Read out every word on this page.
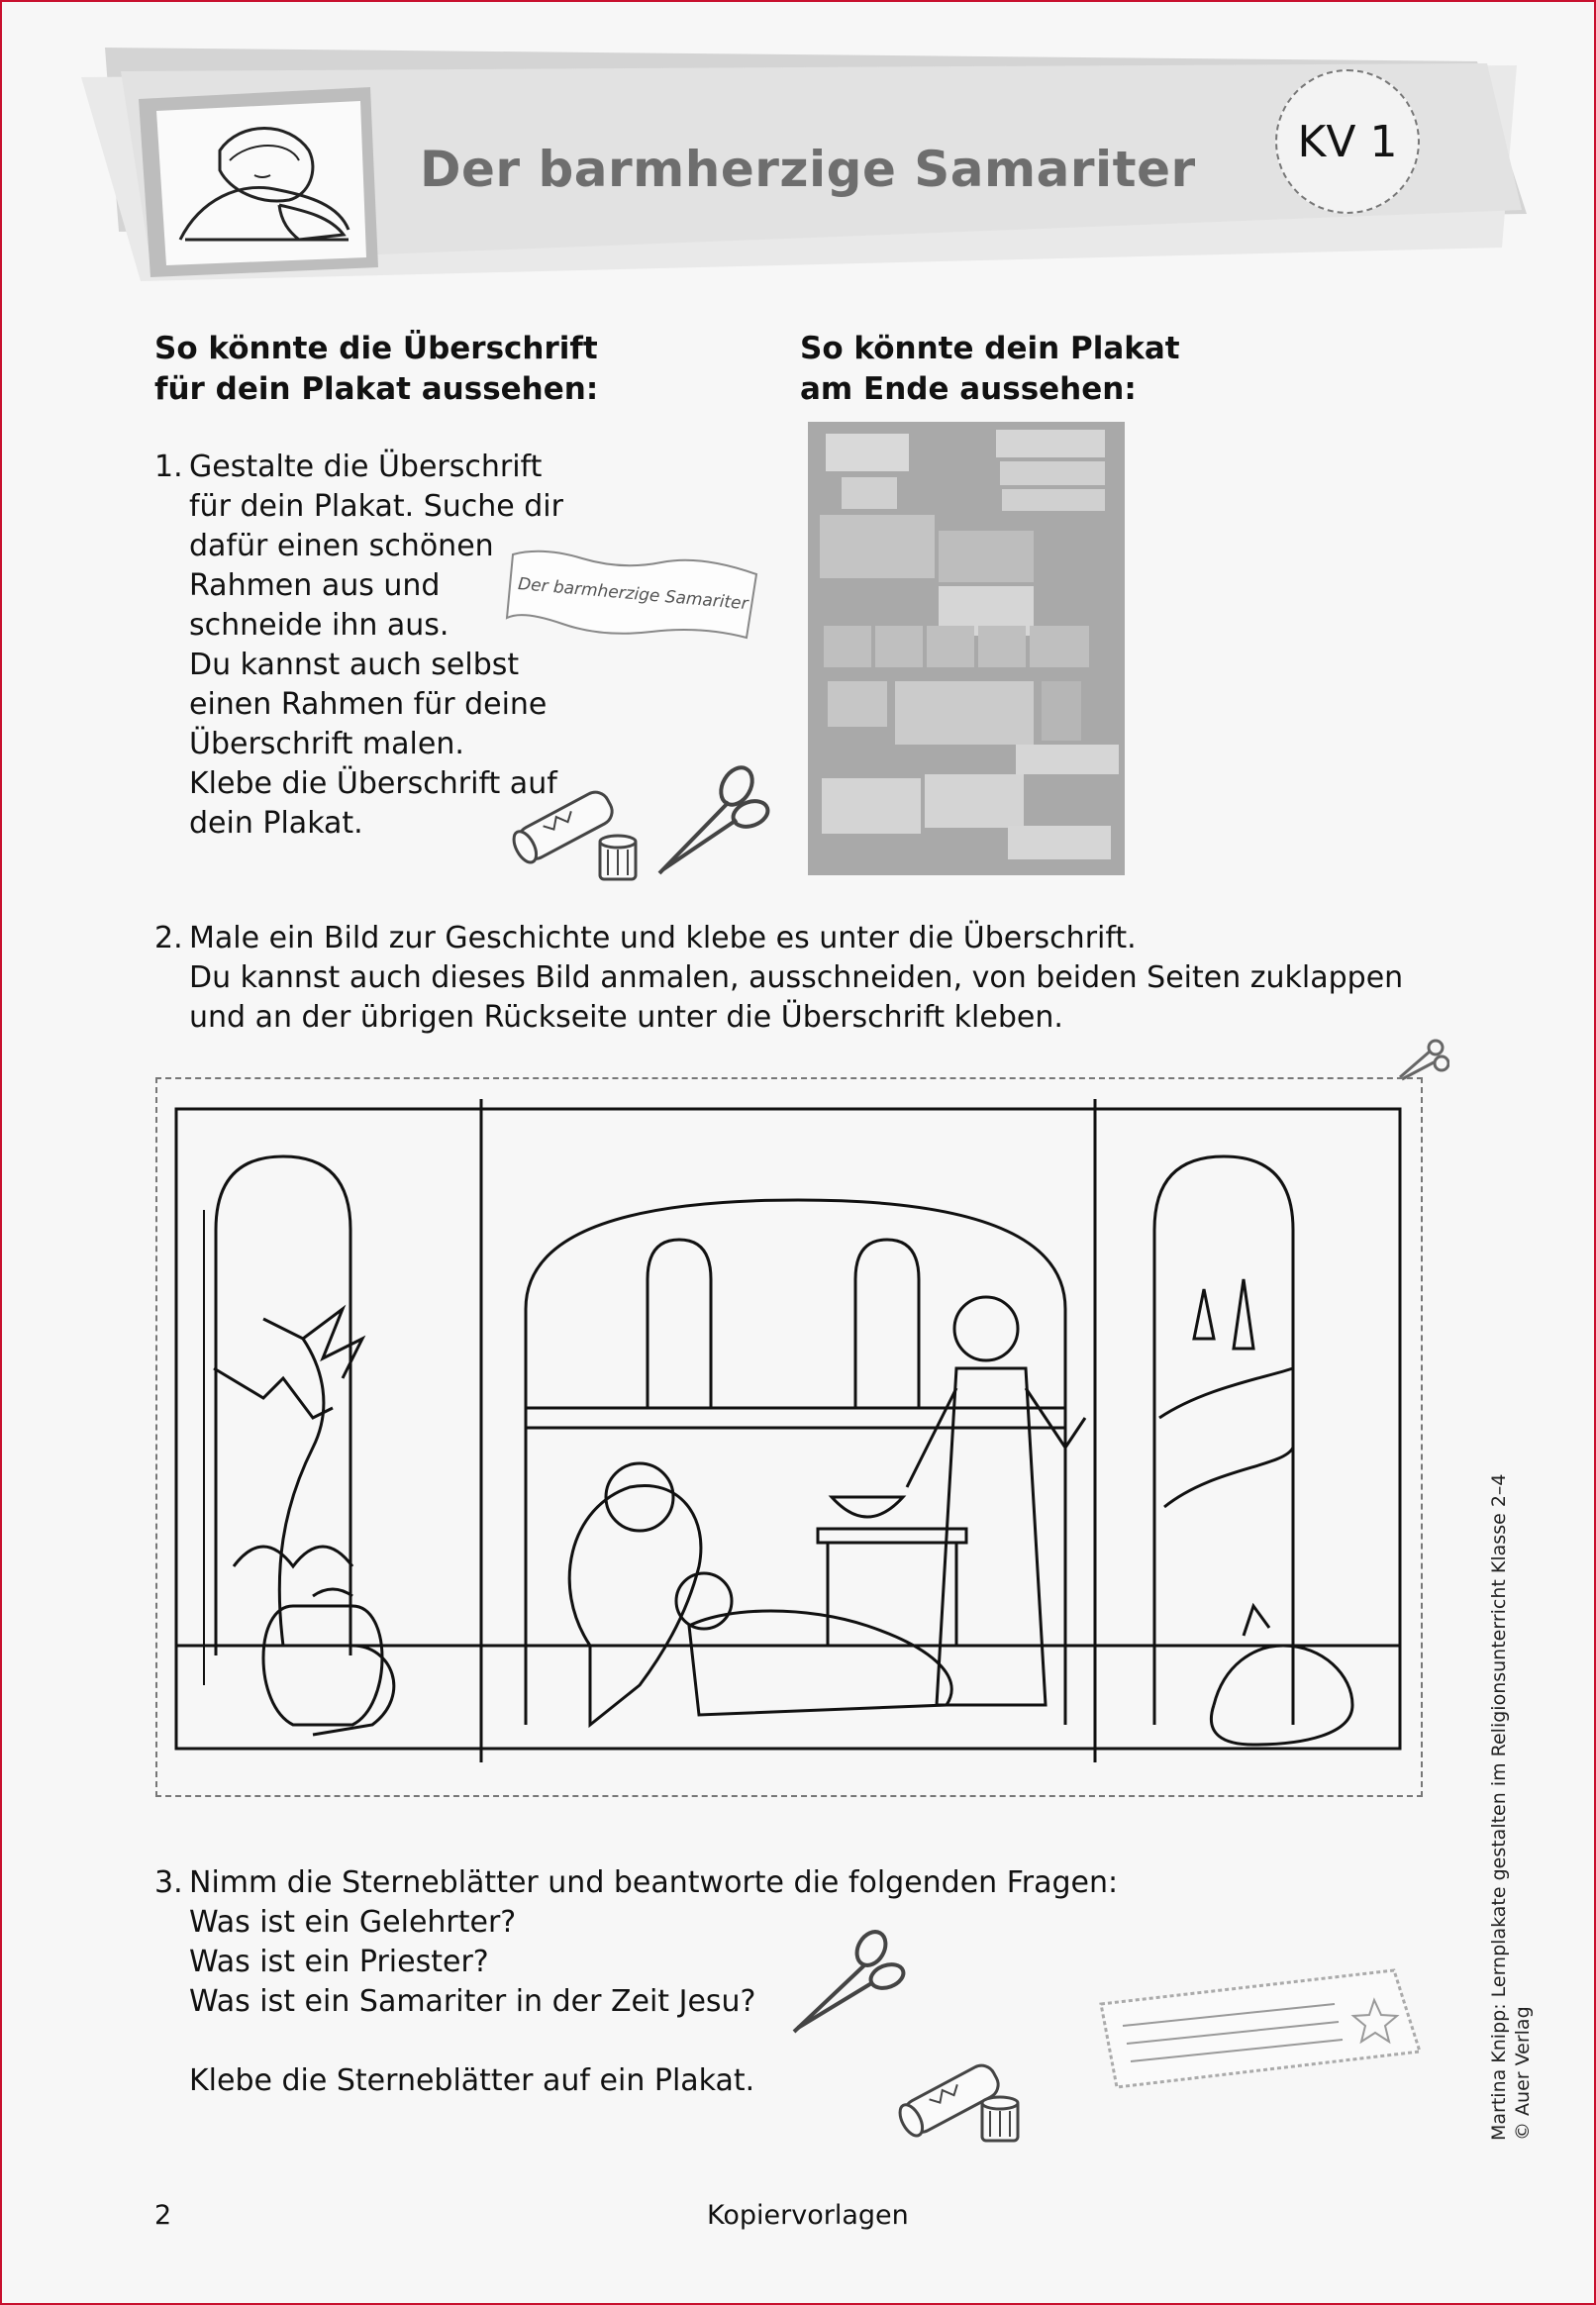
Der barmherzige Samariter	KV 1
So könnte die Überschrift
für dein Plakat aussehen:
So könnte dein Plakat
am Ende aussehen:
1. Gestalte die Überschrift
für dein Plakat. Suche dir
dafür einen schönen
Rahmen aus und
schneide ihn aus.
Du kannst auch selbst
einen Rahmen für deine
Überschrift malen.
Klebe die Überschrift auf
dein Plakat.
Der barmherzige Samariter
2. Male ein Bild zur Geschichte und klebe es unter die Überschrift.
Du kannst auch dieses Bild anmalen, ausschneiden, von beiden Seiten zuklappen
und an der übrigen Rückseite unter die Überschrift kleben.
3. Nimm die Sterneblätter und beantworte die folgenden Fragen:
Was ist ein Gelehrter?
Was ist ein Priester?
Was ist ein Samariter in der Zeit Jesu?
Klebe die Sterneblätter auf ein Plakat.	Martina Knipp: Lernplakate gestalten im Religionsunterricht Klasse 2–4 © Auer Verlag
2	Kopiervorlagen
